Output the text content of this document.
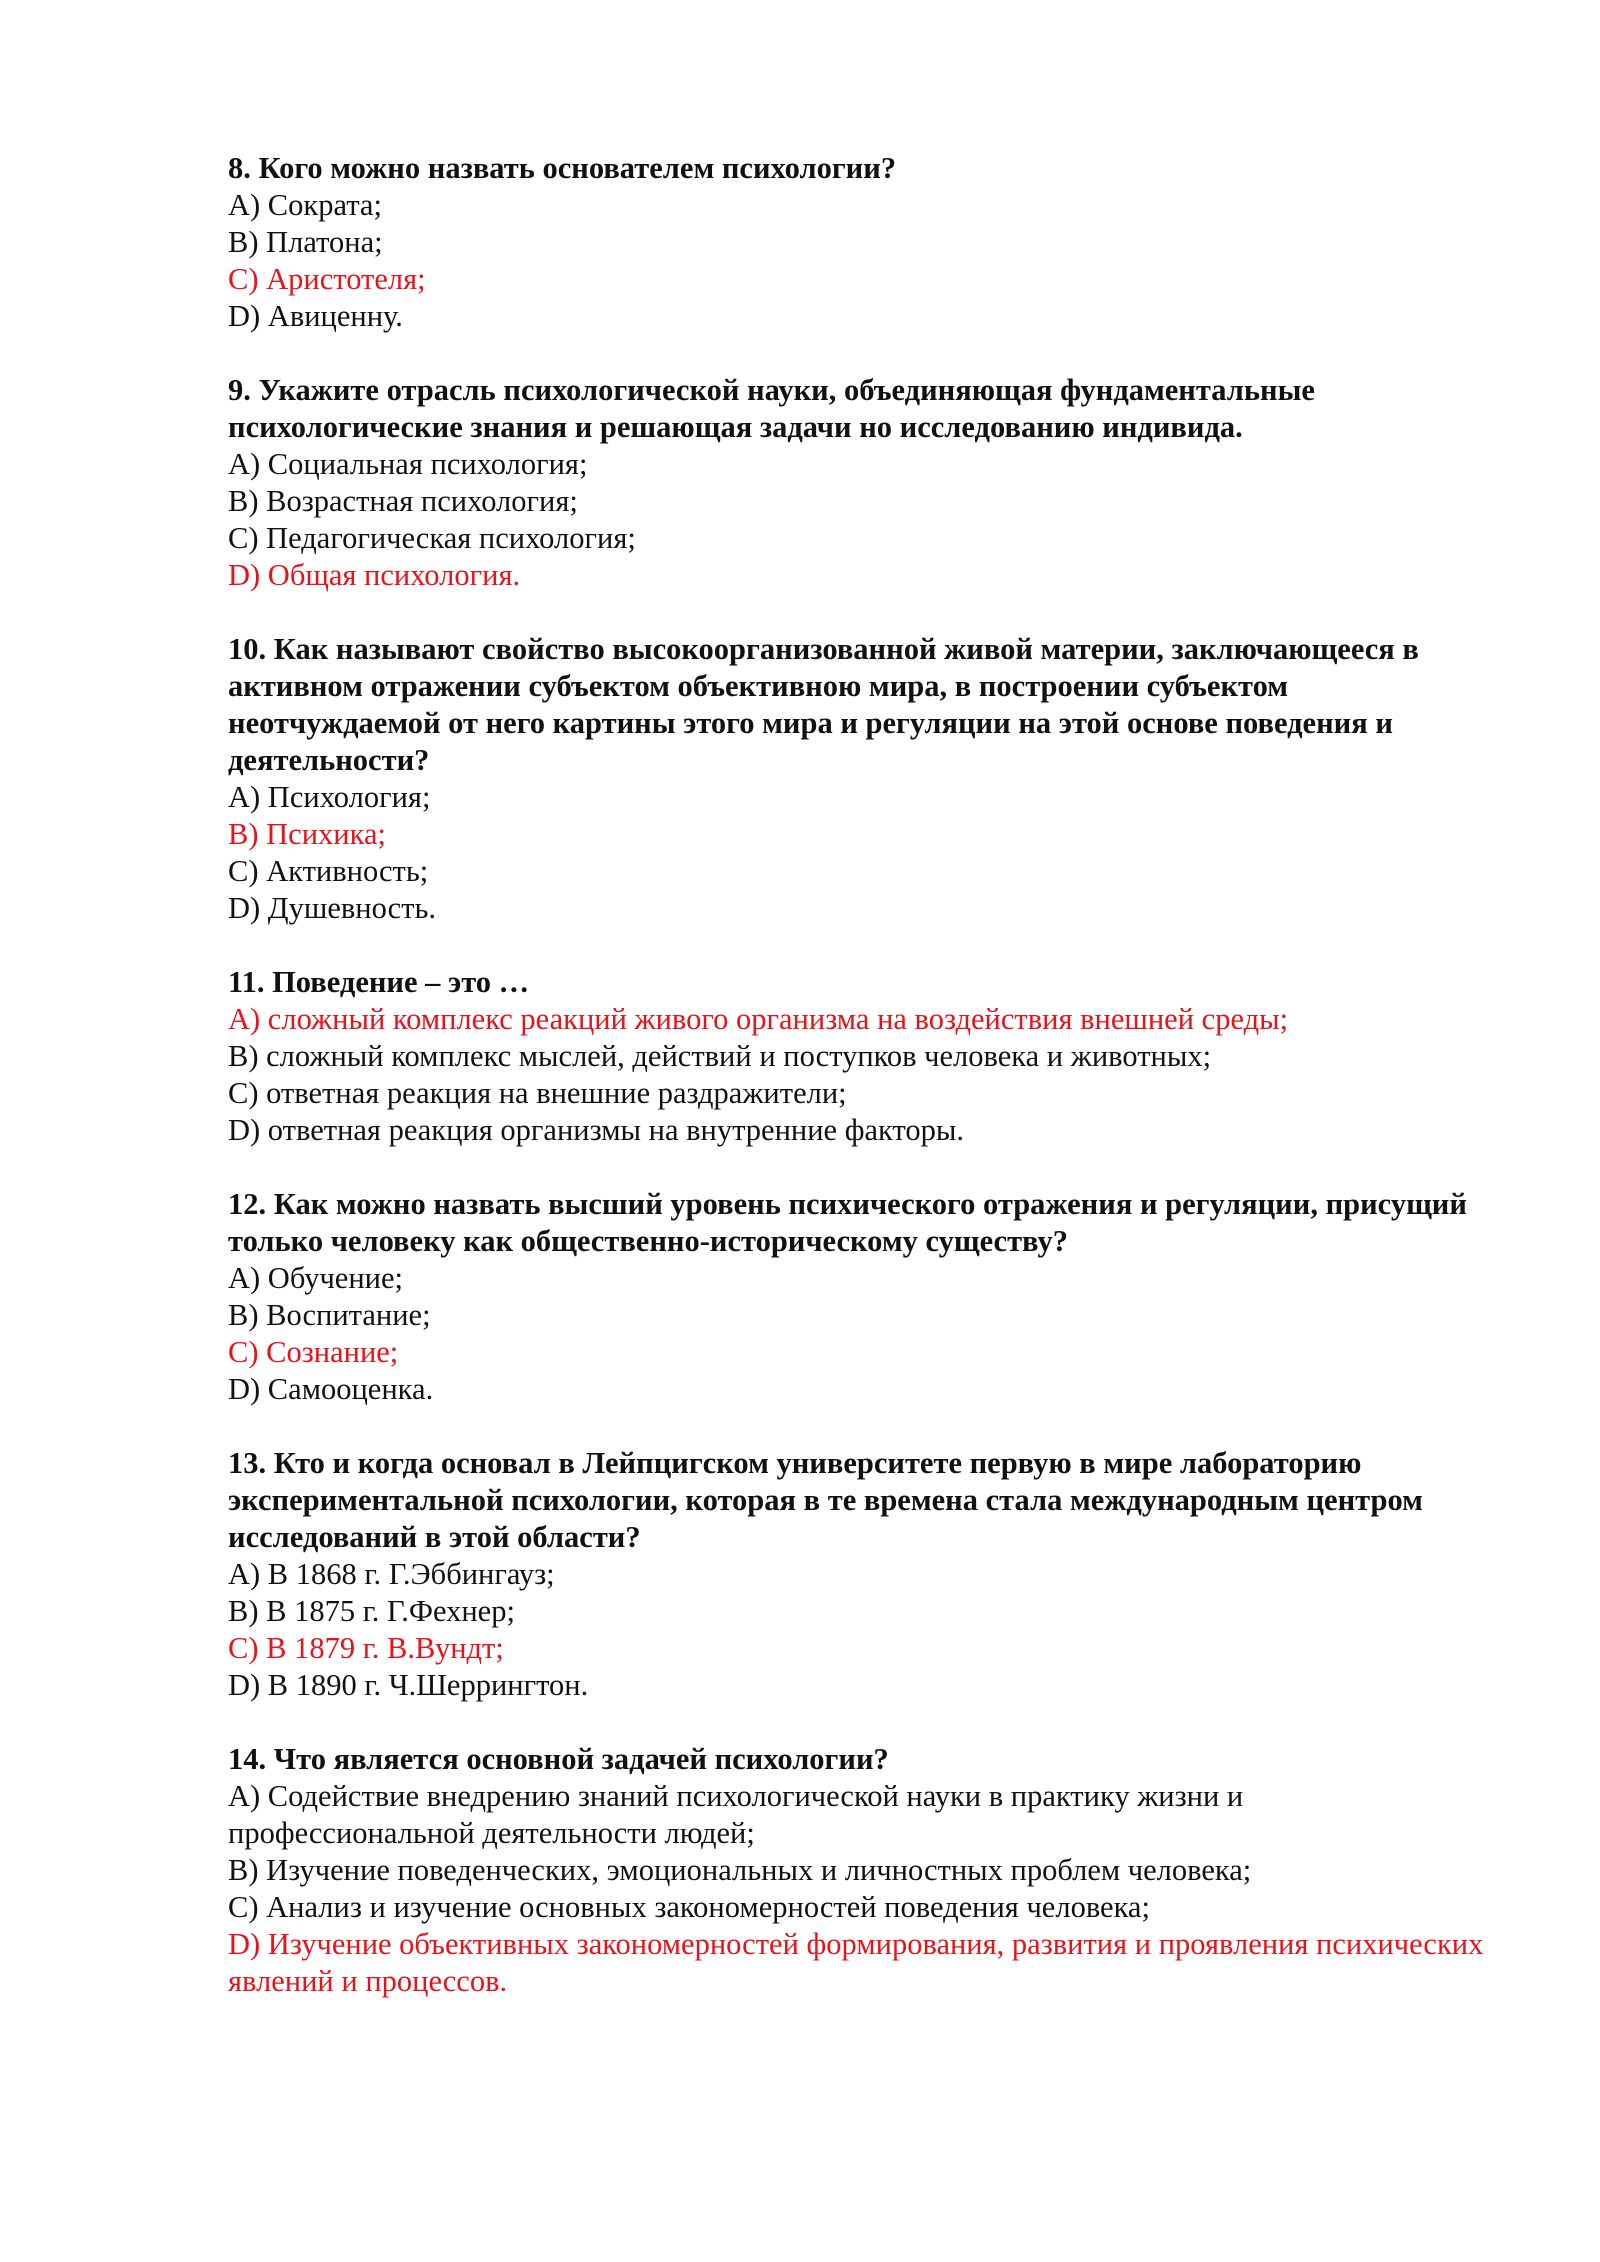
8. Кого можно назвать основателем психологии?

A) Сократа;
B) Платона;
C) Аристотеля;
D) Авиценну.

9. Укажите отрасль психологической науки, объединяющая фундаментальные психологические знания и решающая задачи но исследованию индивида.

A) Социальная психология;
B) Возрастная психология;
C) Педагогическая психология;
D) Общая психология.

10. Как называют свойство высокоорганизованной живой материи, заключающееся в активном отражении субъектом объективною мира, в построении субъектом неотчуждаемой от него картины этого мира и регуляции на этой основе поведения и деятельности?

A) Психология;
B) Психика;
C) Активность;
D) Душевность.

11. Поведение – это …

A) сложный комплекс реакций живого организма на воздействия внешней среды;
B) сложный комплекс мыслей, действий и поступков человека и животных;
C) ответная реакция на внешние раздражители;
D) ответная реакция организмы на внутренние факторы.

12. Как можно назвать высший уровень психического отражения и регуляции, присущий только человеку как общественно-историческому существу?

A) Обучение;
B) Воспитание;
C) Сознание;
D) Самооценка.

13. Кто и когда основал в Лейпцигском университете первую в мире лабораторию экспериментальной психологии, которая в те времена стала международным центром исследований в этой области?

A) В 1868 г. Г.Эббингауз;
B) В 1875 г. Г.Фехнер;
C) В 1879 г. В.Вундт;
D) В 1890 г. Ч.Шеррингтон.

14. Что является основной задачей психологии?

A) Содействие внедрению знаний психологической науки в практику жизни и профессиональной деятельности людей;
B) Изучение поведенческих, эмоциональных и личностных проблем человека;
C) Анализ и изучение основных закономерностей поведения человека;
D) Изучение объективных закономерностей формирования, развития и проявления психических явлений и процессов.
